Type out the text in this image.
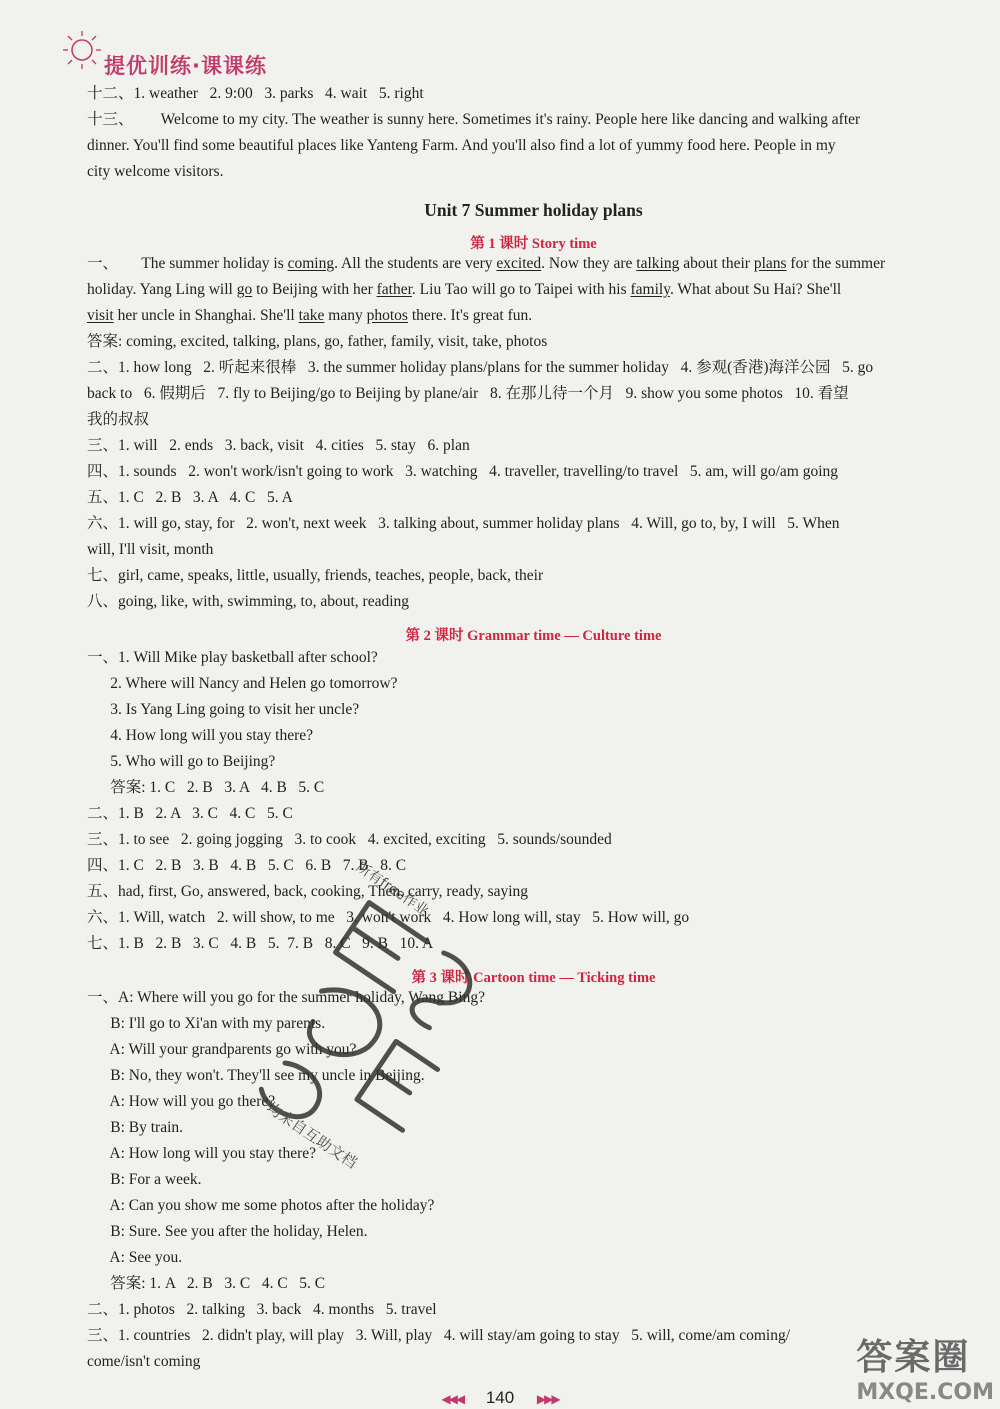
提优训练·课课练
Unit 7 Summer holiday plans
第 1 课时 Story time
第 2 课时 Grammar time — Culture time
第 3 课时 Cartoon time — Ticking time
十二、1. weather   2. 9:00   3. parks   4. wait   5. right
十三、       Welcome to my city. The weather is sunny here. Sometimes it's rainy. People here like dancing and walking after
dinner. You'll find some beautiful places like Yanteng Farm. And you'll also find a lot of yummy food here. People in my
city welcome visitors.
一、      The summer holiday is coming. All the students are very excited. Now they are talking about their plans for the summer
holiday. Yang Ling will go to Beijing with her father. Liu Tao will go to Taipei with his family. What about Su Hai? She'll
visit her uncle in Shanghai. She'll take many photos there. It's great fun.
答案: coming, excited, talking, plans, go, father, family, visit, take, photos
二、1. how long   2. 听起来很棒   3. the summer holiday plans/plans for the summer holiday   4. 参观(香港)海洋公园   5. go
back to   6. 假期后   7. fly to Beijing/go to Beijing by plane/air   8. 在那儿待一个月   9. show you some photos   10. 看望
我的叔叔
三、1. will   2. ends   3. back, visit   4. cities   5. stay   6. plan
四、1. sounds   2. won't work/isn't going to work   3. watching   4. traveller, travelling/to travel   5. am, will go/am going
五、1. C   2. B   3. A   4. C   5. A
六、1. will go, stay, for   2. won't, next week   3. talking about, summer holiday plans   4. Will, go to, by, I will   5. When
will, I'll visit, month
七、girl, came, speaks, little, usually, friends, teaches, people, back, their
八、going, like, with, swimming, to, about, reading
一、1. Will Mike play basketball after school?
2. Where will Nancy and Helen go tomorrow?
3. Is Yang Ling going to visit her uncle?
4. How long will you stay there?
5. Who will go to Beijing?
答案: 1. C   2. B   3. A   4. B   5. C
二、1. B   2. A   3. C   4. C   5. C
三、1. to see   2. going jogging   3. to cook   4. excited, exciting   5. sounds/sounded
四、1. C   2. B   3. B   4. B   5. C   6. B   7. B   8. C
五、had, first, Go, answered, back, cooking, Then, carry, ready, saying
六、1. Will, watch   2. will show, to me   3. won't work   4. How long will, stay   5. How will, go
七、1. B   2. B   3. C   4. B   5.  7. B   8. C   9. B   10. A
一、A: Where will you go for the summer holiday, Wang Bing?
B: I'll go to Xi'an with my parents.
A: Will your grandparents go with you?
B: No, they won't. They'll see my uncle in Beijing.
A: How will you go there?
B: By train.
A: How long will you stay there?
B: For a week.
A: Can you show me some photos after the holiday?
B: Sure. See you after the holiday, Helen.
A: See you.
答案: 1. A   2. B   3. C   4. C   5. C
二、1. photos   2. talking   3. back   4. months   5. travel
三、1. countries   2. didn't play, will play   3. Will, play   4. will stay/am going to stay   5. will, come/am coming/
come/isn't coming
均来自互助文档
所有free作业
◀◀◀ 140 ▶▶▶
答案圈
MXQE.COM
